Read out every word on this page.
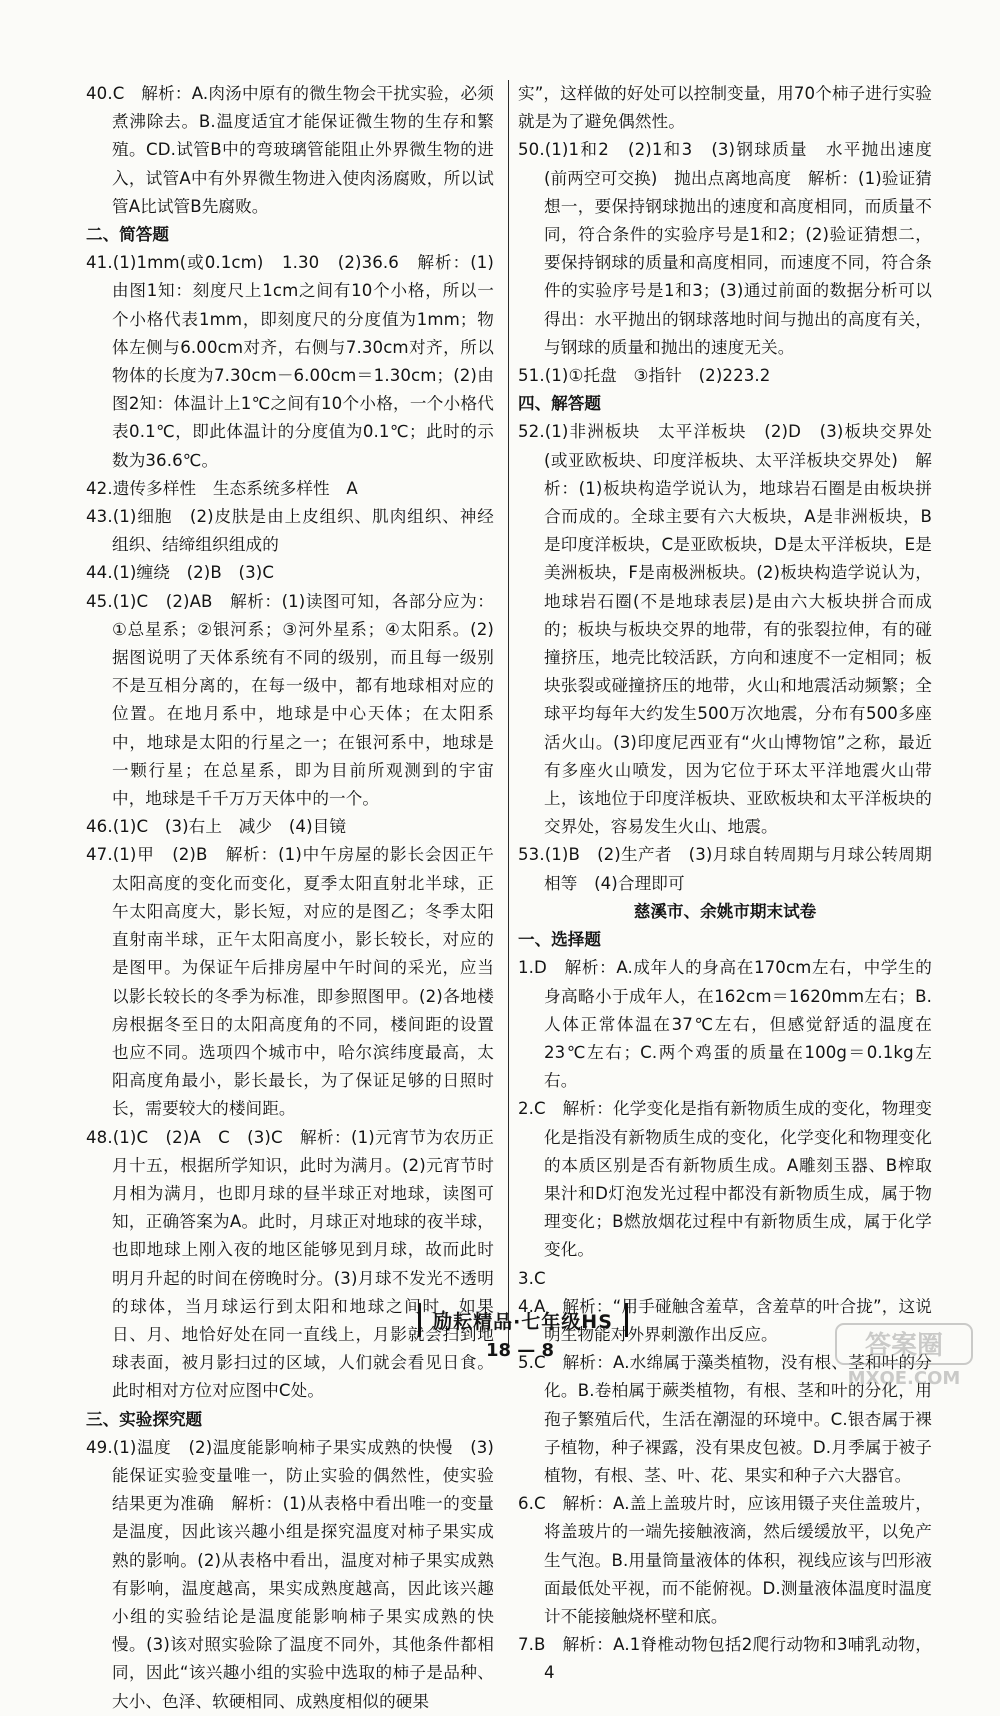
40.C　解析：A.肉汤中原有的微生物会干扰实验，必须煮沸除去。B.温度适宜才能保证微生物的生存和繁殖。CD.试管B中的弯玻璃管能阻止外界微生物的进入，试管A中有外界微生物进入使肉汤腐败，所以试管A比试管B先腐败。

二、简答题

41.(1)1mm(或0.1cm)　1.30　(2)36.6　解析：(1)由图1知：刻度尺上1cm之间有10个小格，所以一个小格代表1mm，即刻度尺的分度值为1mm；物体左侧与6.00cm对齐，右侧与7.30cm对齐，所以物体的长度为7.30cm－6.00cm＝1.30cm；(2)由图2知：体温计上1℃之间有10个小格，一个小格代表0.1℃，即此体温计的分度值为0.1℃；此时的示数为36.6℃。

42.遗传多样性　生态系统多样性　A

43.(1)细胞　(2)皮肤是由上皮组织、肌肉组织、神经组织、结缔组织组成的

44.(1)缠绕　(2)B　(3)C

45.(1)C　(2)AB　解析：(1)读图可知，各部分应为：①总星系；②银河系；③河外星系；④太阳系。(2)据图说明了天体系统有不同的级别，而且每一级别不是互相分离的，在每一级中，都有地球相对应的位置。在地月系中，地球是中心天体；在太阳系中，地球是太阳的行星之一；在银河系中，地球是一颗行星；在总星系，即为目前所观测到的宇宙中，地球是千千万万天体中的一个。

46.(1)C　(3)右上　减少　(4)目镜

47.(1)甲　(2)B　解析：(1)中午房屋的影长会因正午太阳高度的变化而变化，夏季太阳直射北半球，正午太阳高度大，影长短，对应的是图乙；冬季太阳直射南半球，正午太阳高度小，影长较长，对应的是图甲。为保证午后排房屋中午时间的采光，应当以影长较长的冬季为标准，即参照图甲。(2)各地楼房根据冬至日的太阳高度角的不同，楼间距的设置也应不同。选项四个城市中，哈尔滨纬度最高，太阳高度角最小，影长最长，为了保证足够的日照时长，需要较大的楼间距。

48.(1)C　(2)A　C　(3)C　解析：(1)元宵节为农历正月十五，根据所学知识，此时为满月。(2)元宵节时月相为满月，也即月球的昼半球正对地球，读图可知，正确答案为A。此时，月球正对地球的夜半球，也即地球上刚入夜的地区能够见到月球，故而此时明月升起的时间在傍晚时分。(3)月球不发光不透明的球体，当月球运行到太阳和地球之间时，如果日、月、地恰好处在同一直线上，月影就会扫到地球表面，被月影扫过的区域，人们就会看见日食。此时相对方位对应图中C处。

三、实验探究题

49.(1)温度　(2)温度能影响柿子果实成熟的快慢　(3)能保证实验变量唯一，防止实验的偶然性，使实验结果更为准确　解析：(1)从表格中看出唯一的变量是温度，因此该兴趣小组是探究温度对柿子果实成熟的影响。(2)从表格中看出，温度对柿子果实成熟有影响，温度越高，果实成熟度越高，因此该兴趣小组的实验结论是温度能影响柿子果实成熟的快慢。(3)该对照实验除了温度不同外，其他条件都相同，因此“该兴趣小组的实验中选取的柿子是品种、大小、色泽、软硬相同、成熟度相似的硬果

实”，这样做的好处可以控制变量，用70个柿子进行实验就是为了避免偶然性。

50.(1)1和2　(2)1和3　(3)钢球质量　水平抛出速度(前两空可交换)　抛出点离地高度　解析：(1)验证猜想一，要保持钢球抛出的速度和高度相同，而质量不同，符合条件的实验序号是1和2；(2)验证猜想二，要保持钢球的质量和高度相同，而速度不同，符合条件的实验序号是1和3；(3)通过前面的数据分析可以得出：水平抛出的钢球落地时间与抛出的高度有关，与钢球的质量和抛出的速度无关。

51.(1)①托盘　③指针　(2)223.2

四、解答题

52.(1)非洲板块　太平洋板块　(2)D　(3)板块交界处(或亚欧板块、印度洋板块、太平洋板块交界处)　解析：(1)板块构造学说认为，地球岩石圈是由板块拼合而成的。全球主要有六大板块，A是非洲板块，B是印度洋板块，C是亚欧板块，D是太平洋板块，E是美洲板块，F是南极洲板块。(2)板块构造学说认为，地球岩石圈(不是地球表层)是由六大板块拼合而成的；板块与板块交界的地带，有的张裂拉伸，有的碰撞挤压，地壳比较活跃，方向和速度不一定相同；板块张裂或碰撞挤压的地带，火山和地震活动频繁；全球平均每年大约发生500万次地震，分布有500多座活火山。(3)印度尼西亚有“火山博物馆”之称，最近有多座火山喷发，因为它位于环太平洋地震火山带上，该地位于印度洋板块、亚欧板块和太平洋板块的交界处，容易发生火山、地震。

53.(1)B　(2)生产者　(3)月球自转周期与月球公转周期相等　(4)合理即可

慈溪市、余姚市期末试卷

一、选择题

1.D　解析：A.成年人的身高在170cm左右，中学生的身高略小于成年人，在162cm＝1620mm左右；B.人体正常体温在37℃左右，但感觉舒适的温度在23℃左右；C.两个鸡蛋的质量在100g＝0.1kg左右。

2.C　解析：化学变化是指有新物质生成的变化，物理变化是指没有新物质生成的变化，化学变化和物理变化的本质区别是否有新物质生成。A雕刻玉器、B榨取果汁和D灯泡发光过程中都没有新物质生成，属于物理变化；B燃放烟花过程中有新物质生成，属于化学变化。

3.C

4.A　解析：“用手碰触含羞草，含羞草的叶合拢”，这说明生物能对外界刺激作出反应。

5.C　解析：A.水绵属于藻类植物，没有根、茎和叶的分化。B.卷柏属于蕨类植物，有根、茎和叶的分化，用孢子繁殖后代，生活在潮湿的环境中。C.银杏属于裸子植物，种子裸露，没有果皮包被。D.月季属于被子植物，有根、茎、叶、花、果实和种子六大器官。

6.C　解析：A.盖上盖玻片时，应该用镊子夹住盖玻片，将盖玻片的一端先接触液滴，然后缓缓放平，以免产生气泡。B.用量筒量液体的体积，视线应该与凹形液面最低处平视，而不能俯视。D.测量液体温度时温度计不能接触烧杯壁和底。

7.B　解析：A.1脊椎动物包括2爬行动物和3哺乳动物，4

励耘精品·七年级HS
18 — 8	答案圈
MXQE.COM
